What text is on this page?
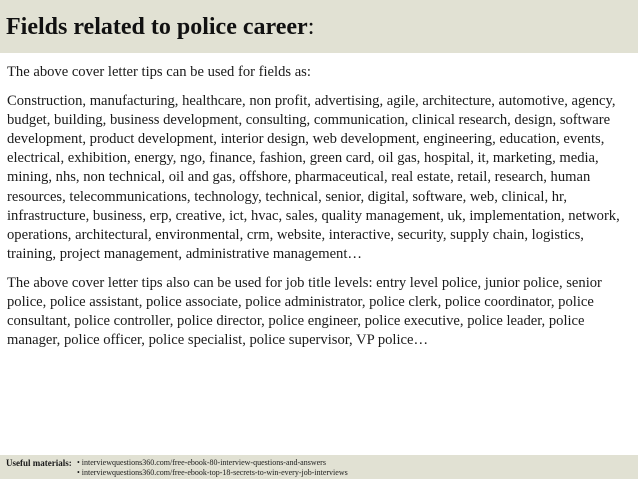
Fields related to police career:

The above cover letter tips can be used for fields as:

Construction, manufacturing, healthcare, non profit, advertising, agile, architecture, automotive, agency, budget, building, business development, consulting, communication, clinical research, design, software development, product development, interior design, web development, engineering, education, events, electrical, exhibition, energy, ngo, finance, fashion, green card, oil gas, hospital, it, marketing, media, mining, nhs, non technical, oil and gas, offshore, pharmaceutical, real estate, retail, research, human resources, telecommunications, technology, technical, senior, digital, software, web, clinical, hr, infrastructure, business, erp, creative, ict, hvac, sales, quality management, uk, implementation, network, operations, architectural, environmental, crm, website, interactive, security, supply chain, logistics, training, project management, administrative management…

The above cover letter tips also can be used for job title levels: entry level police, junior police, senior police, police assistant, police associate, police administrator, police clerk, police coordinator, police consultant, police controller, police director, police engineer, police executive, police leader, police manager, police officer, police specialist, police supervisor, VP police…

Useful materials: • interviewquestions360.com/free-ebook-80-interview-questions-and-answers
• interviewquestions360.com/free-ebook-top-18-secrets-to-win-every-job-interviews
